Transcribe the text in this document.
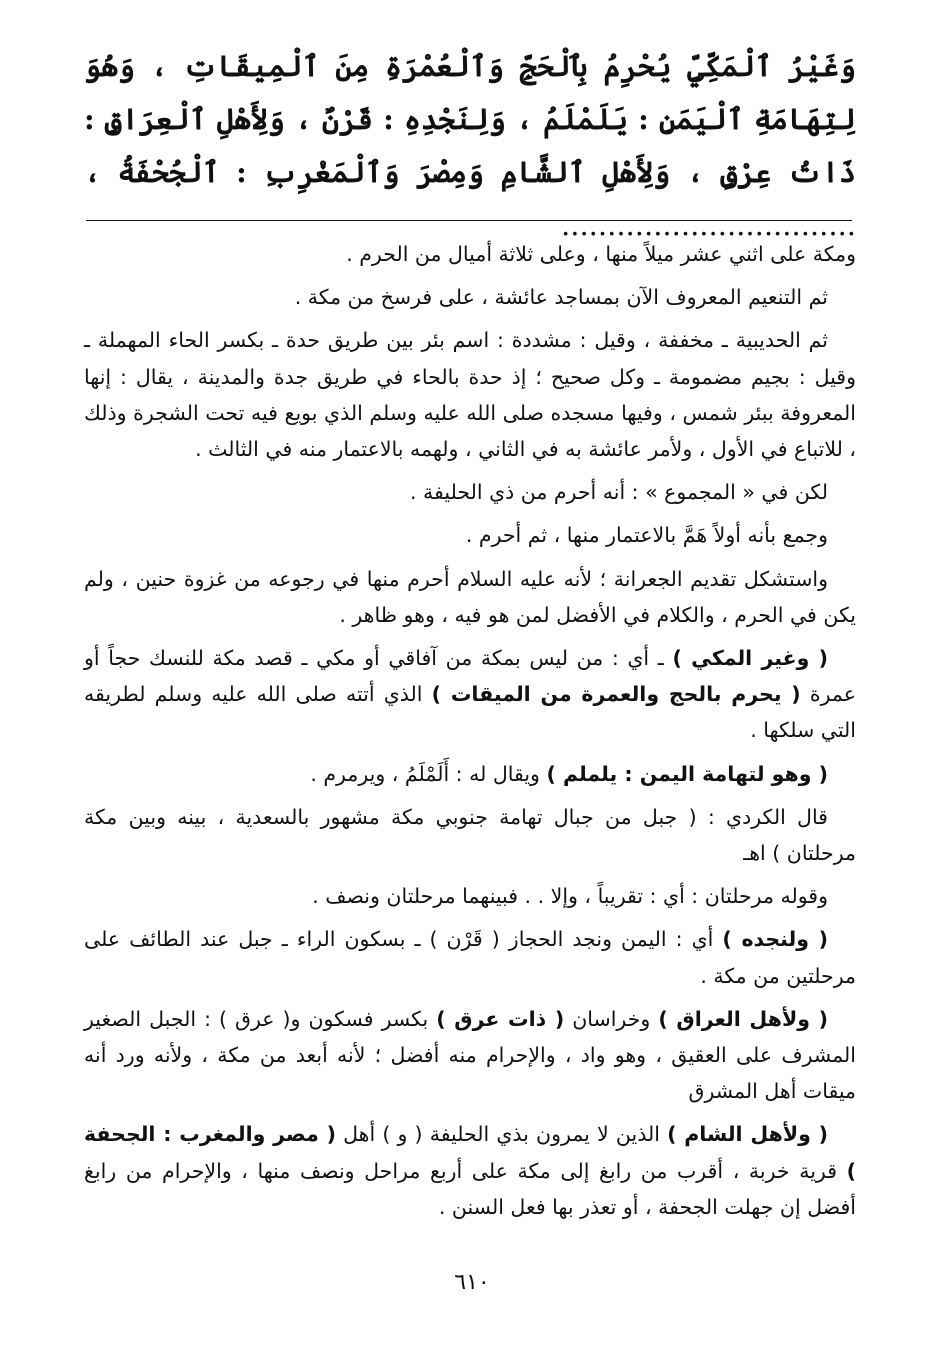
وَغَيْرُ ٱلْمَكِّيِّ يُحْرِمُ بِٱلْحَجِّ وَٱلْعُمْرَةِ مِنَ ٱلْمِيقَاتِ ، وَهُوَ لِتِهَامَةِ ٱلْيَمَنِ : يَلَمْلَمُ ، وَلِنَجْدِهِ : قَرْنٌ ، وَلِأَهْلِ ٱلْعِرَاقِ : ذَاتُ عِرْقٍ ، وَلِأَهْلِ ٱلشَّامِ وَمِصْرَ وَٱلْمَغْرِبِ : ٱلْجُحْفَةُ ، ................................

ومكة على اثني عشر ميلاً منها ، وعلى ثلاثة أميال من الحرم .

ثم التنعيم المعروف الآن بمساجد عائشة ، على فرسخ من مكة .

ثم الحديبية ـ مخففة ، وقيل : مشددة : اسم بئر بين طريق حدة ـ بكسر الحاء المهملة ـ وقيل : بجيم مضمومة ـ وكل صحيح ؛ إذ حدة بالحاء في طريق جدة والمدينة ، يقال : إنها المعروفة ببئر شمس ، وفيها مسجده صلى الله عليه وسلم الذي بويع فيه تحت الشجرة وذلك ، للاتباع في الأول ، ولأمر عائشة به في الثاني ، ولهمه بالاعتمار منه في الثالث .

لكن في « المجموع » : أنه أحرم من ذي الحليفة .

وجمع بأنه أولاً هَمَّ بالاعتمار منها ، ثم أحرم .

واستشكل تقديم الجعرانة ؛ لأنه عليه السلام أحرم منها في رجوعه من غزوة حنين ، ولم يكن في الحرم ، والكلام في الأفضل لمن هو فيه ، وهو ظاهر .

( وغير المكي ) ـ أي : من ليس بمكة من آفاقي أو مكي ـ قصد مكة للنسك حجاً أو عمرة ( يحرم بالحج والعمرة من الميقات ) الذي أتته صلى الله عليه وسلم لطريقه التي سلكها .

( وهو لتهامة اليمن : يلملم ) ويقال له : أَلَمْلَمُ ، ويرمرم .

قال الكردي : ( جبل من جبال تهامة جنوبي مكة مشهور بالسعدية ، بينه وبين مكة مرحلتان ) اهـ

وقوله مرحلتان : أي : تقريباً ، وإلا . . فبينهما مرحلتان ونصف .

( ولنجده ) أي : اليمن ونجد الحجاز ( قَرْن ) ـ بسكون الراء ـ جبل عند الطائف على مرحلتين من مكة .

( ولأهل العراق ) وخراسان ( ذات عرق ) بكسر فسكون و( عرق ) : الجبل الصغير المشرف على العقيق ، وهو واد ، والإحرام منه أفضل ؛ لأنه أبعد من مكة ، ولأنه ورد أنه ميقات أهل المشرق

( ولأهل الشام ) الذين لا يمرون بذي الحليفة ( و ) أهل ( مصر والمغرب : الجحفة ) قرية خربة ، أقرب من رابغ إلى مكة على أربع مراحل ونصف منها ، والإحرام من رابغ أفضل إن جهلت الجحفة ، أو تعذر بها فعل السنن .

٦١٠
